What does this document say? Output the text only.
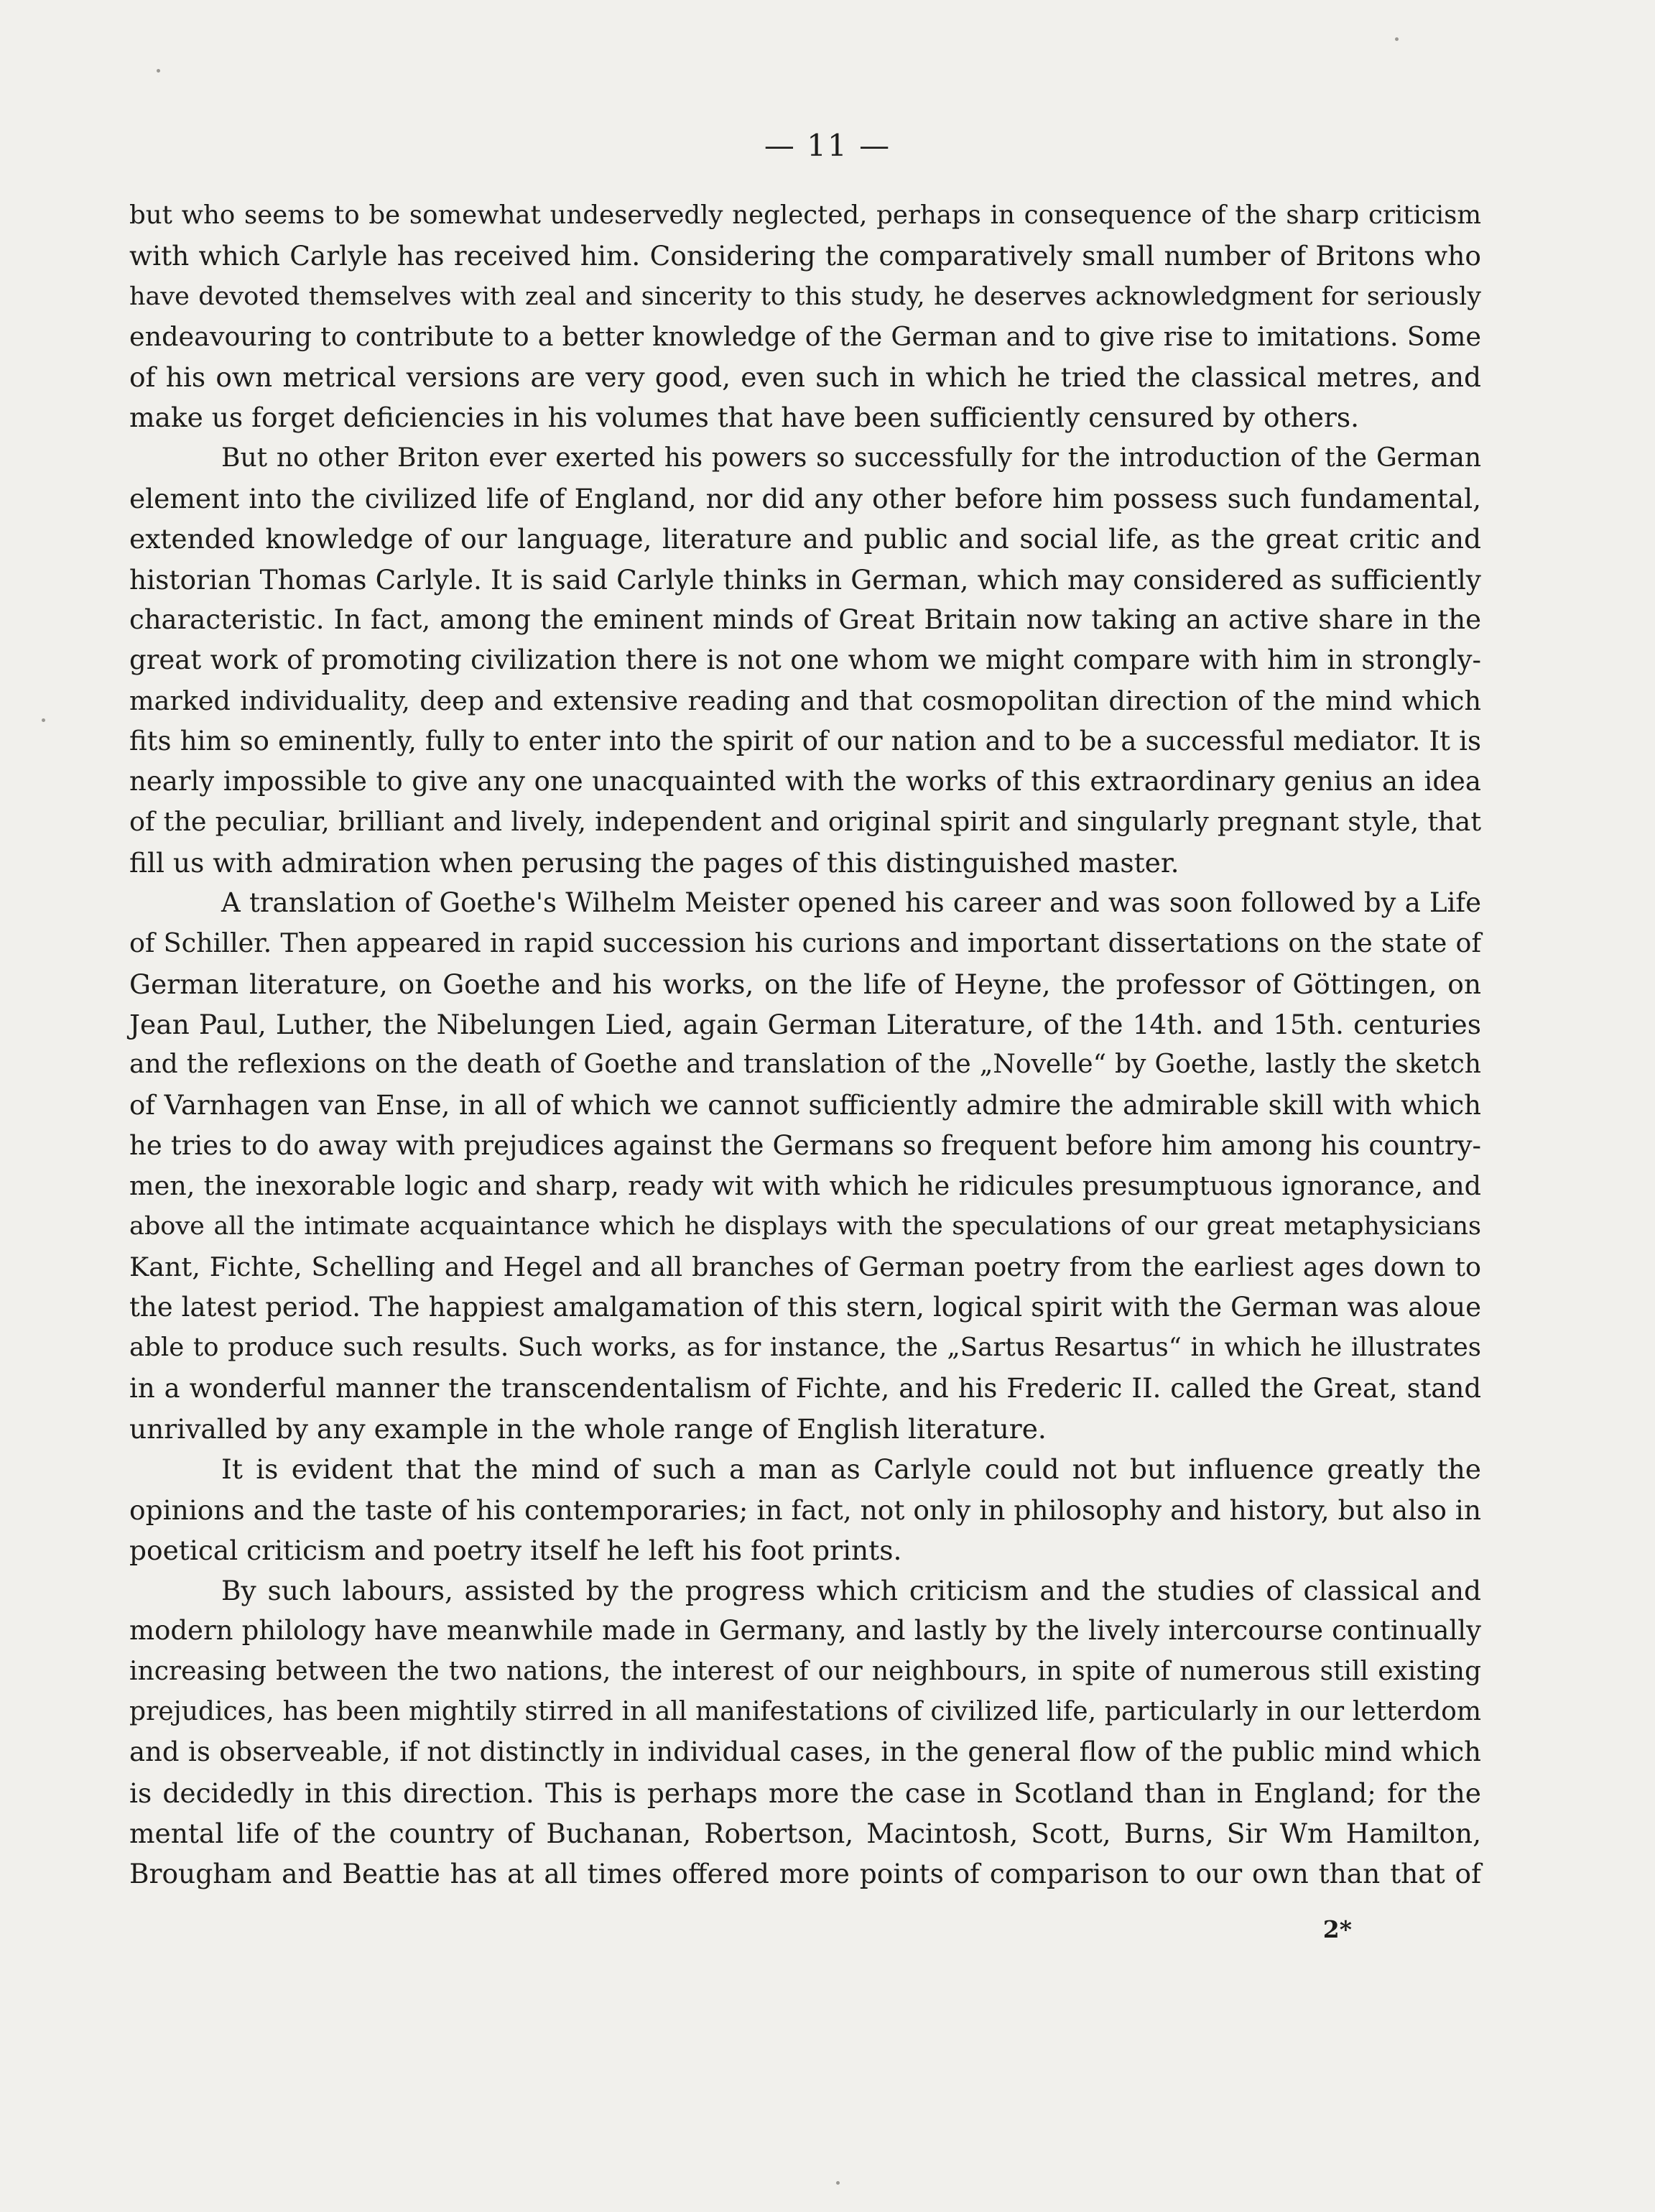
— 11 —
but who seems to be somewhat undeservedly neglected, perhaps in consequence of the sharp criticism
with which Carlyle has received him. Considering the comparatively small number of Britons who
have devoted themselves with zeal and sincerity to this study, he deserves acknowledgment for seriously
endeavouring to contribute to a better knowledge of the German and to give rise to imitations. Some
of his own metrical versions are very good, even such in which he tried the classical metres, and
make us forget deficiencies in his volumes that have been sufficiently censured by others.
But no other Briton ever exerted his powers so successfully for the introduction of the German
element into the civilized life of England, nor did any other before him possess such fundamental,
extended knowledge of our language, literature and public and social life, as the great critic and
historian Thomas Carlyle. It is said Carlyle thinks in German, which may considered as sufficiently
characteristic. In fact, among the eminent minds of Great Britain now taking an active share in the
great work of promoting civilization there is not one whom we might compare with him in strongly-
marked individuality, deep and extensive reading and that cosmopolitan direction of the mind which
fits him so eminently, fully to enter into the spirit of our nation and to be a successful mediator. It is
nearly impossible to give any one unacquainted with the works of this extraordinary genius an idea
of the peculiar, brilliant and lively, independent and original spirit and singularly pregnant style, that
fill us with admiration when perusing the pages of this distinguished master.
A translation of Goethe's Wilhelm Meister opened his career and was soon followed by a Life
of Schiller. Then appeared in rapid succession his curions and important dissertations on the state of
German literature, on Goethe and his works, on the life of Heyne, the professor of Göttingen, on
Jean Paul, Luther, the Nibelungen Lied, again German Literature, of the 14th. and 15th. centuries
and the reflexions on the death of Goethe and translation of the „Novelle“ by Goethe, lastly the sketch
of Varnhagen van Ense, in all of which we cannot sufficiently admire the admirable skill with which
he tries to do away with prejudices against the Germans so frequent before him among his country-
men, the inexorable logic and sharp, ready wit with which he ridicules presumptuous ignorance, and
above all the intimate acquaintance which he displays with the speculations of our great metaphysicians
Kant, Fichte, Schelling and Hegel and all branches of German poetry from the earliest ages down to
the latest period. The happiest amalgamation of this stern, logical spirit with the German was aloue
able to produce such results. Such works, as for instance, the „Sartus Resartus“ in which he illustrates
in a wonderful manner the transcendentalism of Fichte, and his Frederic II. called the Great, stand
unrivalled by any example in the whole range of English literature.
It is evident that the mind of such a man as Carlyle could not but influence greatly the
opinions and the taste of his contemporaries; in fact, not only in philosophy and history, but also in
poetical criticism and poetry itself he left his foot prints.
By such labours, assisted by the progress which criticism and the studies of classical and
modern philology have meanwhile made in Germany, and lastly by the lively intercourse continually
increasing between the two nations, the interest of our neighbours, in spite of numerous still existing
prejudices, has been mightily stirred in all manifestations of civilized life, particularly in our letterdom
and is observeable, if not distinctly in individual cases, in the general flow of the public mind which
is decidedly in this direction. This is perhaps more the case in Scotland than in England; for the
mental life of the country of Buchanan, Robertson, Macintosh, Scott, Burns, Sir Wm Hamilton,
Brougham and Beattie has at all times offered more points of comparison to our own than that of
2*
